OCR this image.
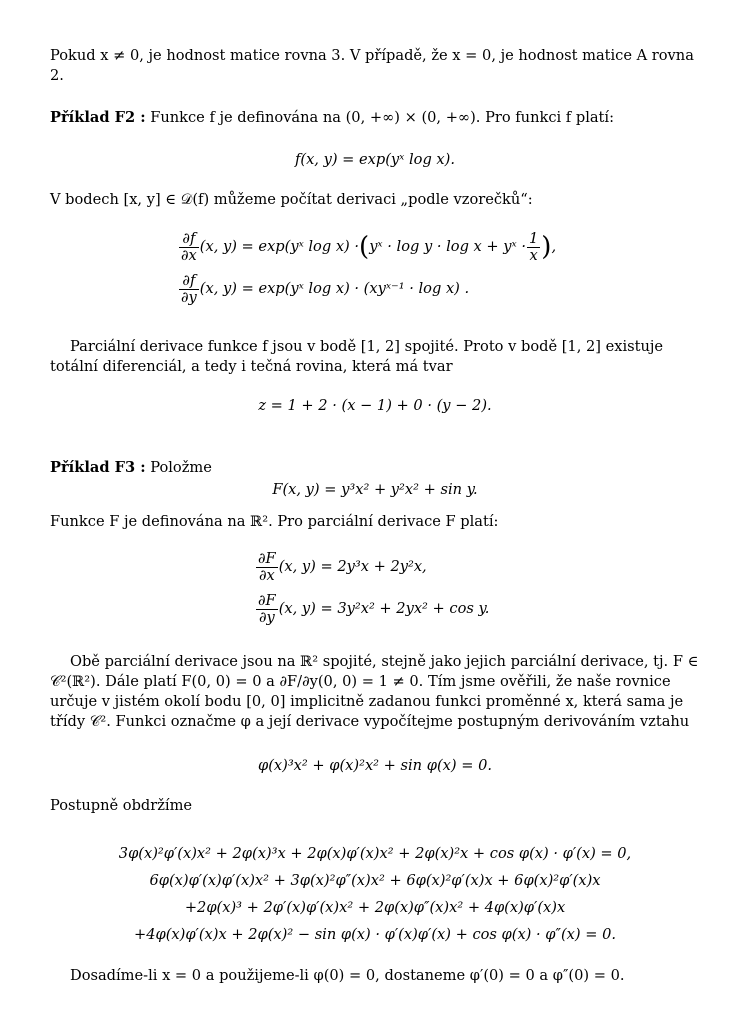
Pokud x ≠ 0, je hodnost matice rovna 3. V případě, že x = 0, je hodnost matice A rovna 2.
Příklad F2 : Funkce f je definována na (0, +∞) × (0, +∞). Pro funkci f platí:
f(x, y) = exp(yˣ log x).
V bodech [x, y] ∈ 𝒟(f) můžeme počítat derivaci „podle vzorečků“:
$\frac{\partial f}{\partial x} (x$, y) = exp(yˣ log x) · ( yˣ · log y · log x + yˣ · $\frac{1}{x}$ ) ,
$\frac{\partial f}{\partial y} (x$, y) = exp(yˣ log x) · (xyˣ⁻¹ · log x) .
Parciální derivace funkce f jsou v bodě [1, 2] spojité. Proto v bodě [1, 2] existuje totální diferenciál, a tedy i tečná rovina, která má tvar
z = 1 + 2 · (x − 1) + 0 · (y − 2).
Příklad F3 : Položme
F(x, y) = y³x² + y²x² + sin y.
Funkce F je definována na ℝ². Pro parciální derivace F platí:
$\frac{\partial F}{\partial x} (x$, y) = 2y³x + 2y²x,
$\frac{\partial F}{\partial y} (x$, y) = 3y²x² + 2yx² + cos y.
Obě parciální derivace jsou na ℝ² spojité, stejně jako jejich parciální derivace, tj. F ∈ 𝒞²(ℝ²). Dále platí F(0, 0) = 0 a ∂F/∂y(0, 0) = 1 ≠ 0. Tím jsme ověřili, že naše rovnice určuje v jistém okolí bodu [0, 0] implicitně zadanou funkci proměnné x, která sama je třídy 𝒞². Funkci označme φ a její derivace vypočítejme postupným derivováním vztahu
φ(x)³x² + φ(x)²x² + sin φ(x) = 0.
Postupně obdržíme
3φ(x)²φ′(x)x² + 2φ(x)³x + 2φ(x)φ′(x)x² + 2φ(x)²x + cos φ(x) · φ′(x) = 0,
6φ(x)φ′(x)φ′(x)x² + 3φ(x)²φ″(x)x² + 6φ(x)²φ′(x)x + 6φ(x)²φ′(x)x
+2φ(x)³ + 2φ′(x)φ′(x)x² + 2φ(x)φ″(x)x² + 4φ(x)φ′(x)x
+4φ(x)φ′(x)x + 2φ(x)² − sin φ(x) · φ′(x)φ′(x) + cos φ(x) · φ″(x) = 0.
Dosadíme-li x = 0 a použijeme-li φ(0) = 0, dostaneme φ′(0) = 0 a φ″(0) = 0.
